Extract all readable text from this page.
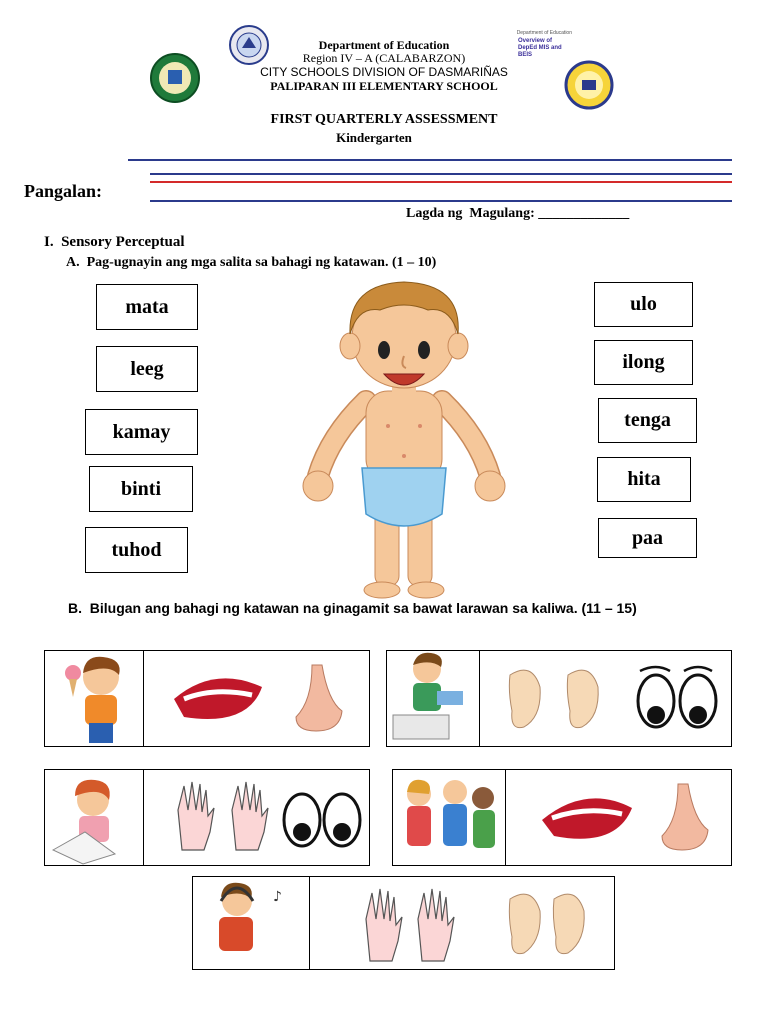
Department of Education
Overview of DepEd MIS and BEIS
Department of Education
Region IV – A (CALABARZON)
CITY SCHOOLS DIVISION OF DASMARIÑAS
PALIPARAN III ELEMENTARY SCHOOL
FIRST QUARTERLY ASSESSMENT
Kindergarten
Pangalan:
Lagda ng  Magulang: _____________
I.  Sensory Perceptual
A.  Pag-ugnayin ang mga salita sa bahagi ng katawan. (1 – 10)
mata
leeg
kamay
binti
tuhod
ulo
ilong
tenga
hita
paa
B.  Bilugan ang bahagi ng katawan na ginagamit sa bawat larawan sa kaliwa. (11 – 15)
♪
